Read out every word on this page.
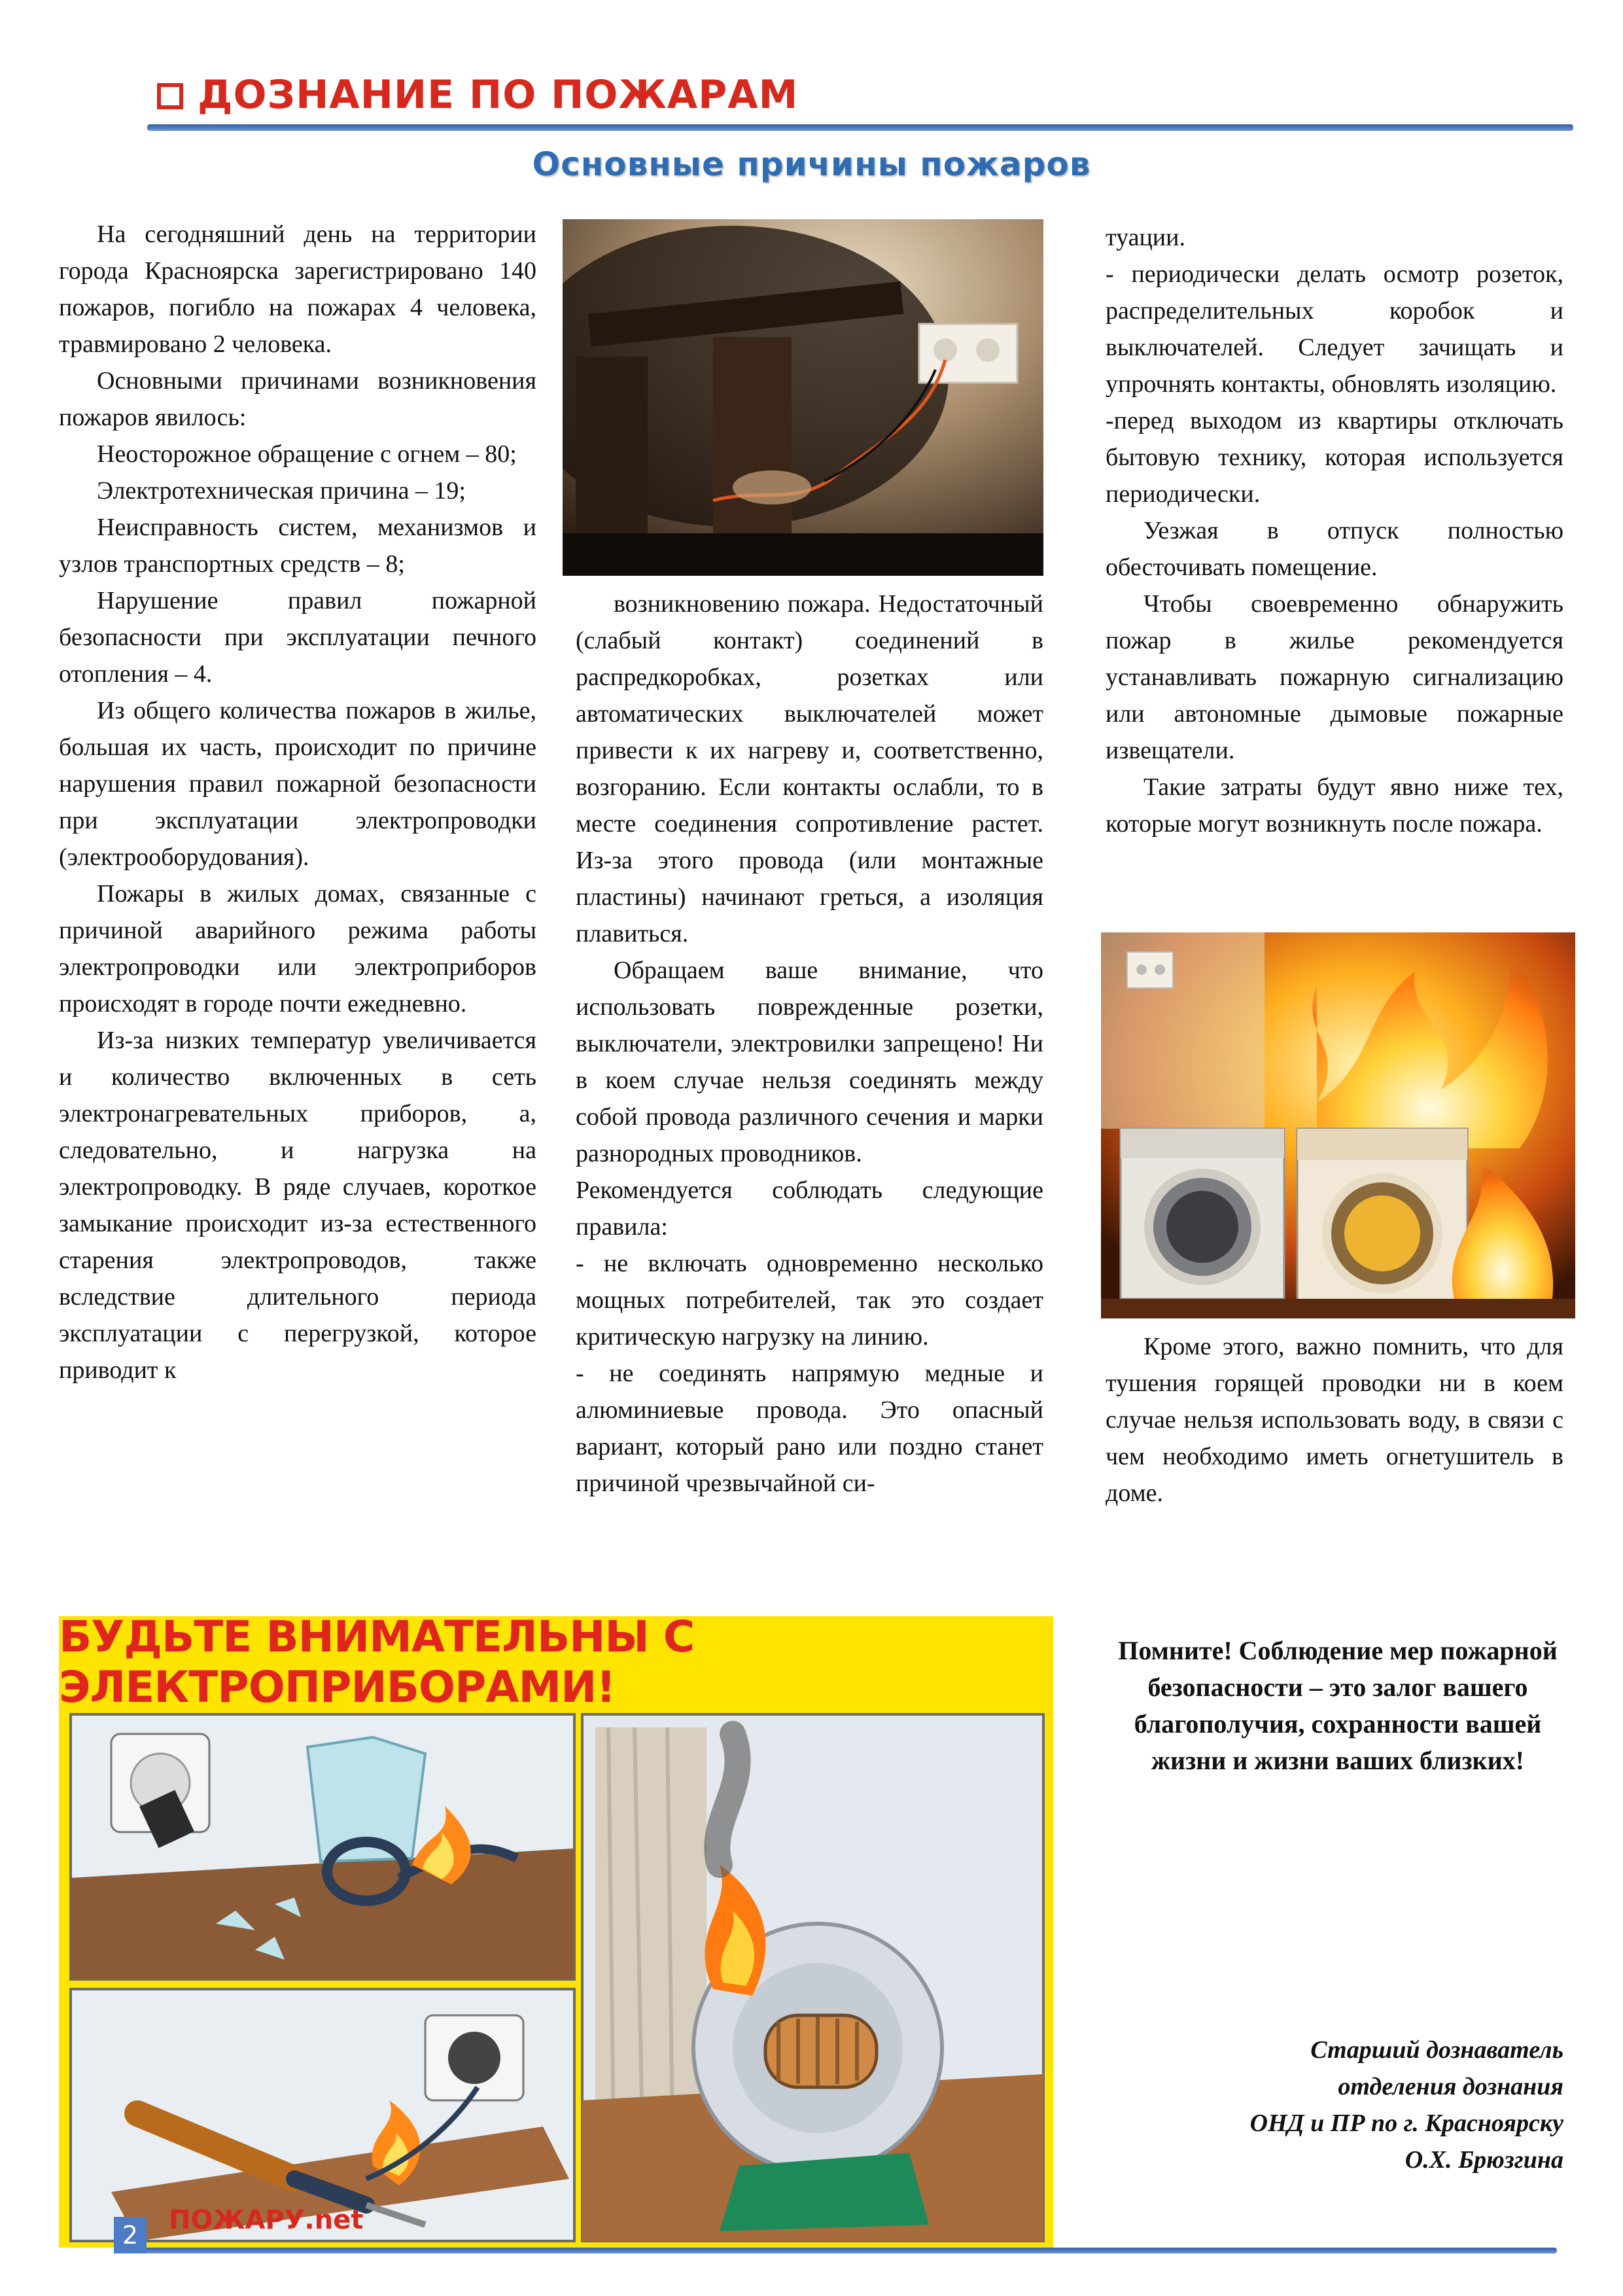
ДОЗНАНИЕ ПО ПОЖАРАМ
Основные причины пожаров

На сегодняшний день на территории города Красноярска зарегистрировано 140 пожаров, погибло на пожарах 4 человека, травмировано 2 человека.

Основными причинами возникновения пожаров явилось:

Неосторожное обращение с огнем – 80;

Электротехническая причина – 19;

Неисправность систем, механизмов и узлов транспортных средств – 8;

Нарушение правил пожарной безопасности при эксплуатации печного отопления – 4.

Из общего количества пожаров в жилье, большая их часть, происходит по причине нарушения правил пожарной безопасности при эксплуатации электропроводки (электрооборудования).

Пожары в жилых домах, связанные с причиной аварийного режима работы электропроводки или электроприборов происходят в городе почти ежедневно.

Из-за низких температур увеличивается и количество включенных в сеть электронагревательных приборов, а, следовательно, и нагрузка на электропроводку. В ряде случаев, короткое замыкание происходит из-за естественного старения электропроводов, также вследствие длительного периода эксплуатации с перегрузкой, которое приводит к

возникновению пожара. Недостаточный (слабый контакт) соединений в распредкоробках, розетках или автоматических выключателей может привести к их нагреву и, соответственно, возгоранию. Если контакты ослабли, то в месте соединения сопротивление растет. Из-за этого провода (или монтажные пластины) начинают греться, а изоляция плавиться.

Обращаем ваше внимание, что использовать поврежденные розетки, выключатели, электровилки запрещено! Ни в коем случае нельзя соединять между собой провода различного сечения и марки разнородных проводников.

Рекомендуется соблюдать следующие правила:

- не включать одновременно несколько мощных потребителей, так это создает критическую нагрузку на линию.

- не соединять напрямую медные и алюминиевые провода. Это опасный вариант, который рано или поздно станет причиной чрезвычайной си-

туации.

- периодически делать осмотр розеток, распределительных коробок и выключателей. Следует зачищать и упрочнять контакты, обновлять изоляцию.

-перед выходом из квартиры отключать бытовую технику, которая используется периодически.

Уезжая в отпуск полностью обесточивать помещение.

Чтобы своевременно обнаружить пожар в жилье рекомендуется устанавливать пожарную сигнализацию или автономные дымовые пожарные извещатели.

Такие затраты будут явно ниже тех, которые могут возникнуть после пожара.

Кроме этого, важно помнить, что для тушения горящей проводки ни в коем случае нельзя использовать воду, в связи с чем необходимо иметь огнетушитель в доме.

БУДЬТЕ ВНИМАТЕЛЬНЫ С ЭЛЕКТРОПРИБОРАМИ!
Помните! Соблюдение мер пожарной безопасности – это залог вашего благополучия, сохранности вашей жизни и жизни ваших близких!
Старший дознаватель
отделения дознания
ОНД и ПР по г. Красноярску
О.Х. Брюзгина
2	ПОЖАРУ.net
